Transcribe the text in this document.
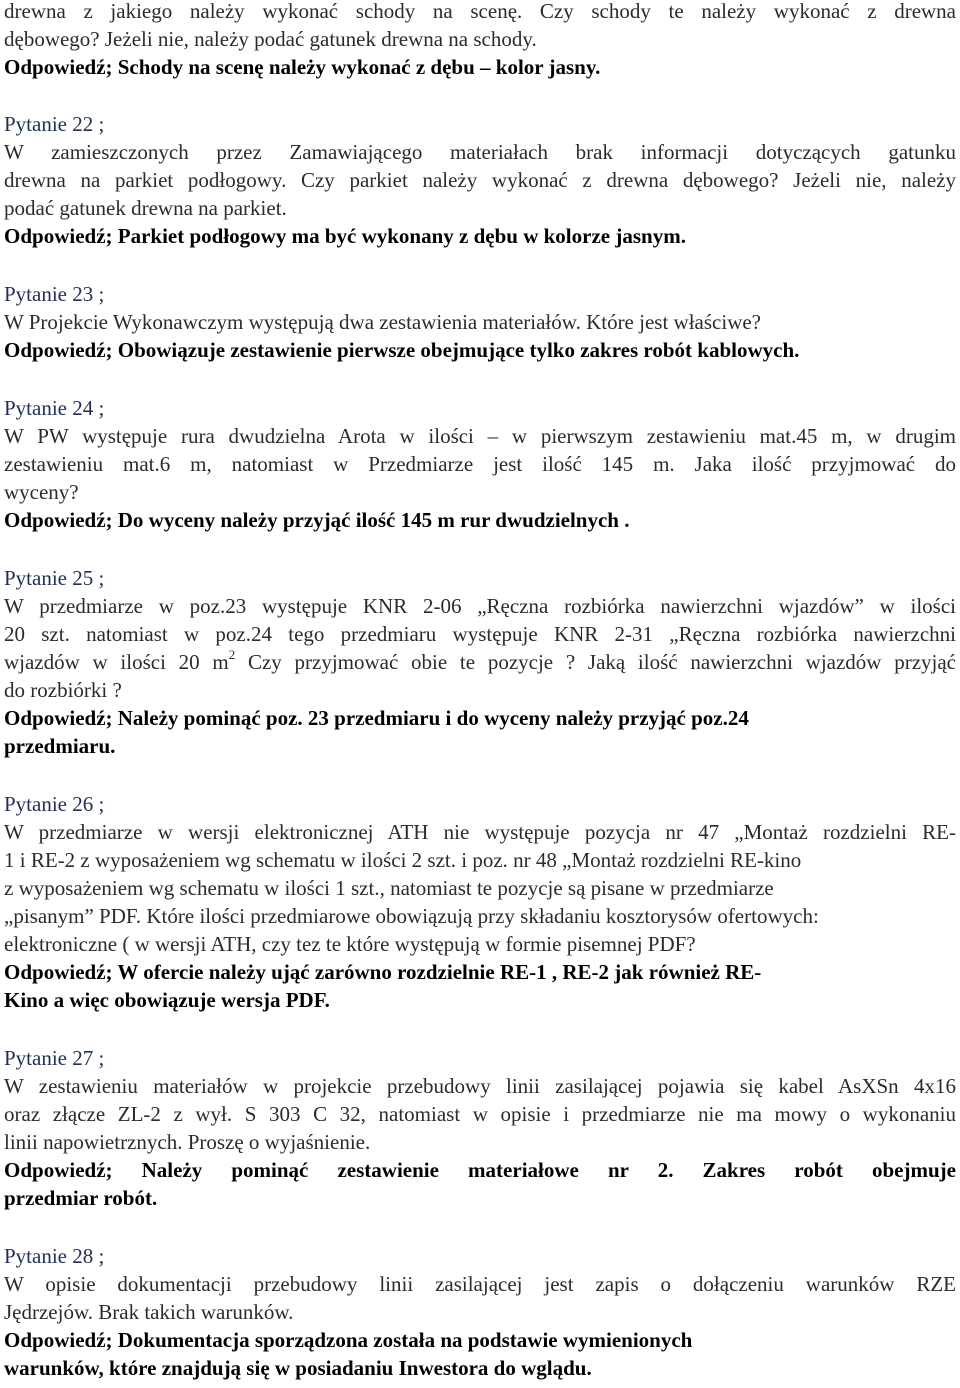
drewna z jakiego należy wykonać schody na scenę. Czy schody te należy wykonać z drewna
dębowego? Jeżeli nie, należy podać gatunek drewna na schody.
Odpowiedź; Schody na scenę należy wykonać z dębu – kolor jasny.
Pytanie 22 ;
W zamieszczonych przez Zamawiającego materiałach brak informacji dotyczących gatunku
drewna na parkiet podłogowy. Czy parkiet należy wykonać z drewna dębowego? Jeżeli nie, należy
podać gatunek drewna na parkiet.
Odpowiedź; Parkiet podłogowy ma być wykonany z dębu w kolorze jasnym.
Pytanie 23 ;
W Projekcie Wykonawczym występują dwa zestawienia materiałów. Które jest właściwe?
Odpowiedź; Obowiązuje zestawienie pierwsze obejmujące tylko zakres robót kablowych.
Pytanie 24 ;
W PW występuje rura dwudzielna Arota w ilości – w pierwszym zestawieniu mat.45 m, w drugim
zestawieniu mat.6 m, natomiast w Przedmiarze jest ilość 145 m. Jaka ilość przyjmować do
wyceny?
Odpowiedź; Do wyceny należy przyjąć ilość 145 m rur dwudzielnych .
Pytanie 25 ;
W przedmiarze w poz.23 występuje KNR 2-06 „Ręczna rozbiórka nawierzchni wjazdów” w ilości
20 szt. natomiast w poz.24 tego przedmiaru występuje KNR 2-31 „Ręczna rozbiórka nawierzchni
wjazdów w ilości 20 $m^2$ Czy przyjmować obie te pozycje ? Jaką ilość nawierzchni wjazdów przyjąć
do rozbiórki ?
Odpowiedź; Należy pominąć poz. 23 przedmiaru i do wyceny należy przyjąć poz.24
przedmiaru.
Pytanie 26 ;
W przedmiarze w wersji elektronicznej ATH nie występuje pozycja nr 47 „Montaż rozdzielni RE-
1 i RE-2 z wyposażeniem wg schematu w ilości 2 szt. i poz. nr 48 „Montaż rozdzielni RE-kino
z wyposażeniem wg schematu w ilości 1 szt., natomiast te pozycje są pisane w przedmiarze
„pisanym” PDF. Które ilości przedmiarowe obowiązują przy składaniu kosztorysów ofertowych:
elektroniczne ( w wersji ATH, czy tez te które występują w formie pisemnej PDF?
Odpowiedź; W ofercie należy ująć zarówno rozdzielnie RE-1 , RE-2 jak również RE-
Kino a więc obowiązuje wersja PDF.
Pytanie 27 ;
W zestawieniu materiałów w projekcie przebudowy linii zasilającej pojawia się kabel AsXSn 4x16
oraz złącze ZL-2 z wył. S 303 C 32, natomiast w opisie i przedmiarze nie ma mowy o wykonaniu
linii napowietrznych. Proszę o wyjaśnienie.
Odpowiedź; Należy pominąć zestawienie materiałowe nr 2. Zakres robót obejmuje
przedmiar robót.
Pytanie 28 ;
W opisie dokumentacji przebudowy linii zasilającej jest zapis o dołączeniu warunków RZE
Jędrzejów. Brak takich warunków.
Odpowiedź; Dokumentacja sporządzona została na podstawie wymienionych
warunków, które znajdują się w posiadaniu Inwestora do wglądu.
